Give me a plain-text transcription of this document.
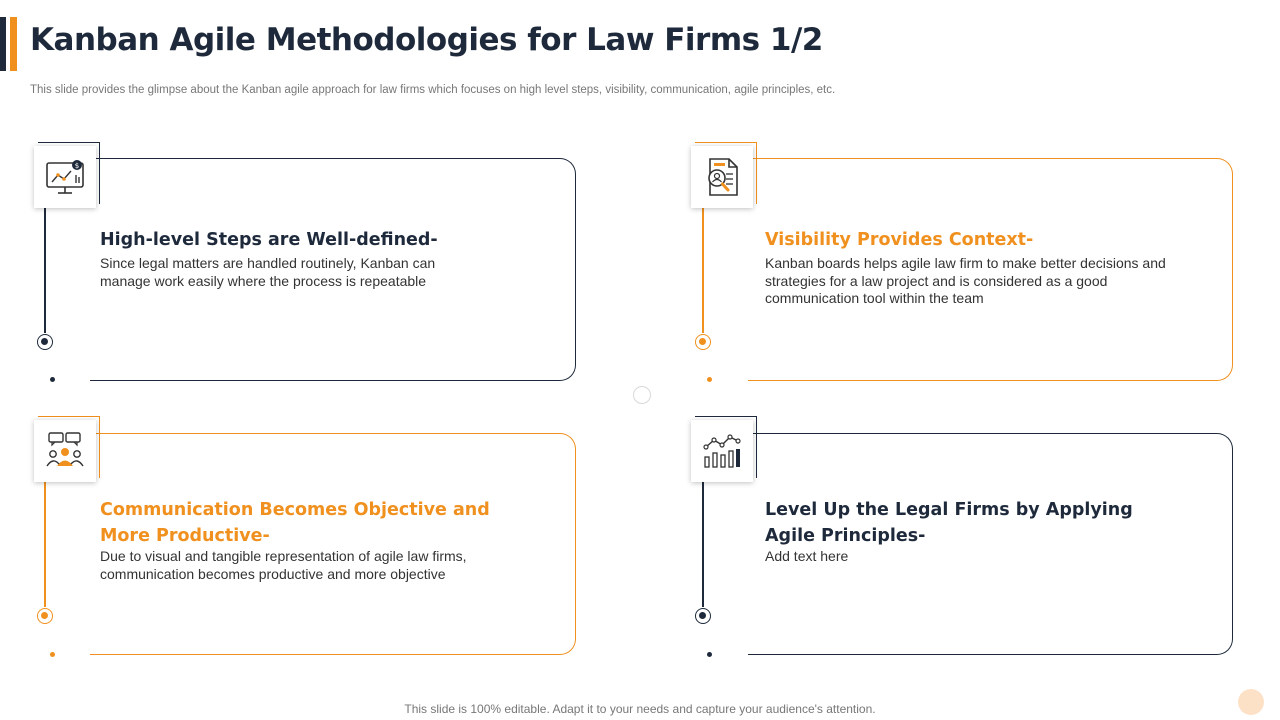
Kanban Agile Methodologies for Law Firms 1/2

This slide provides the glimpse about the Kanban agile approach for law firms which focuses on high level steps, visibility, communication, agile principles, etc.

$
High-level Steps are Well-defined-
Since legal matters are handled routinely, Kanban can manage work easily where the process is repeatable
Visibility Provides Context-
Kanban boards helps agile law firm to make better decisions and strategies for a law project and is considered as a good communication tool within the team
Communication Becomes Objective and More Productive-
Due to visual and tangible representation of agile law firms, communication becomes productive and more objective
Level Up the Legal Firms by Applying Agile Principles-
Add text here

This slide is 100% editable. Adapt it to your needs and capture your audience's attention.
